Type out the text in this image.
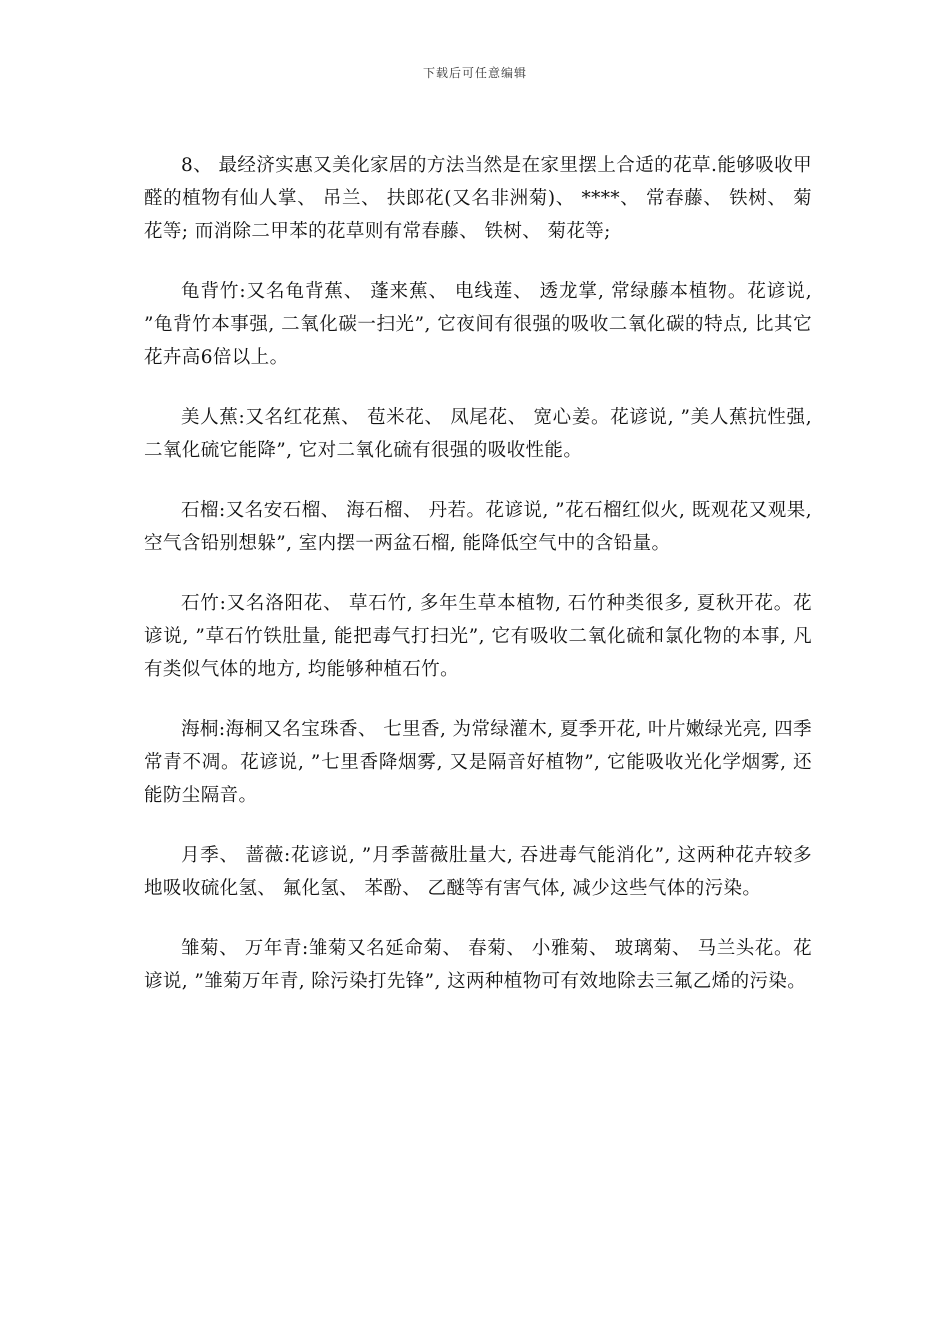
下载后可任意编辑

8、 最经济实惠又美化家居的方法当然是在家里摆上合适的花草.能够吸收甲醛的植物有仙人掌、 吊兰、 扶郎花(又名非洲菊)、 ****、 常春藤、 铁树、 菊花等; 而消除二甲苯的花草则有常春藤、 铁树、 菊花等;

龟背竹:又名龟背蕉、 蓬来蕉、 电线莲、 透龙掌, 常绿藤本植物。花谚说, ”龟背竹本事强, 二氧化碳一扫光”, 它夜间有很强的吸收二氧化碳的特点, 比其它花卉高6倍以上。

美人蕉:又名红花蕉、 苞米花、 凤尾花、 宽心姜。花谚说, ”美人蕉抗性强, 二氧化硫它能降”, 它对二氧化硫有很强的吸收性能。

石榴:又名安石榴、 海石榴、 丹若。花谚说, ”花石榴红似火, 既观花又观果, 空气含铅别想躲”, 室内摆一两盆石榴, 能降低空气中的含铅量。

石竹:又名洛阳花、 草石竹, 多年生草本植物, 石竹种类很多, 夏秋开花。花谚说, ”草石竹铁肚量, 能把毒气打扫光”, 它有吸收二氧化硫和氯化物的本事, 凡有类似气体的地方, 均能够种植石竹。

海桐:海桐又名宝珠香、 七里香, 为常绿灌木, 夏季开花, 叶片嫩绿光亮, 四季常青不凋。花谚说, ”七里香降烟雾, 又是隔音好植物”, 它能吸收光化学烟雾, 还能防尘隔音。

月季、 蔷薇:花谚说, ”月季蔷薇肚量大, 吞进毒气能消化”, 这两种花卉较多地吸收硫化氢、 氟化氢、 苯酚、 乙醚等有害气体, 减少这些气体的污染。

雏菊、 万年青:雏菊又名延命菊、 春菊、 小雅菊、 玻璃菊、 马兰头花。花谚说, ”雏菊万年青, 除污染打先锋”, 这两种植物可有效地除去三氟乙烯的污染。
